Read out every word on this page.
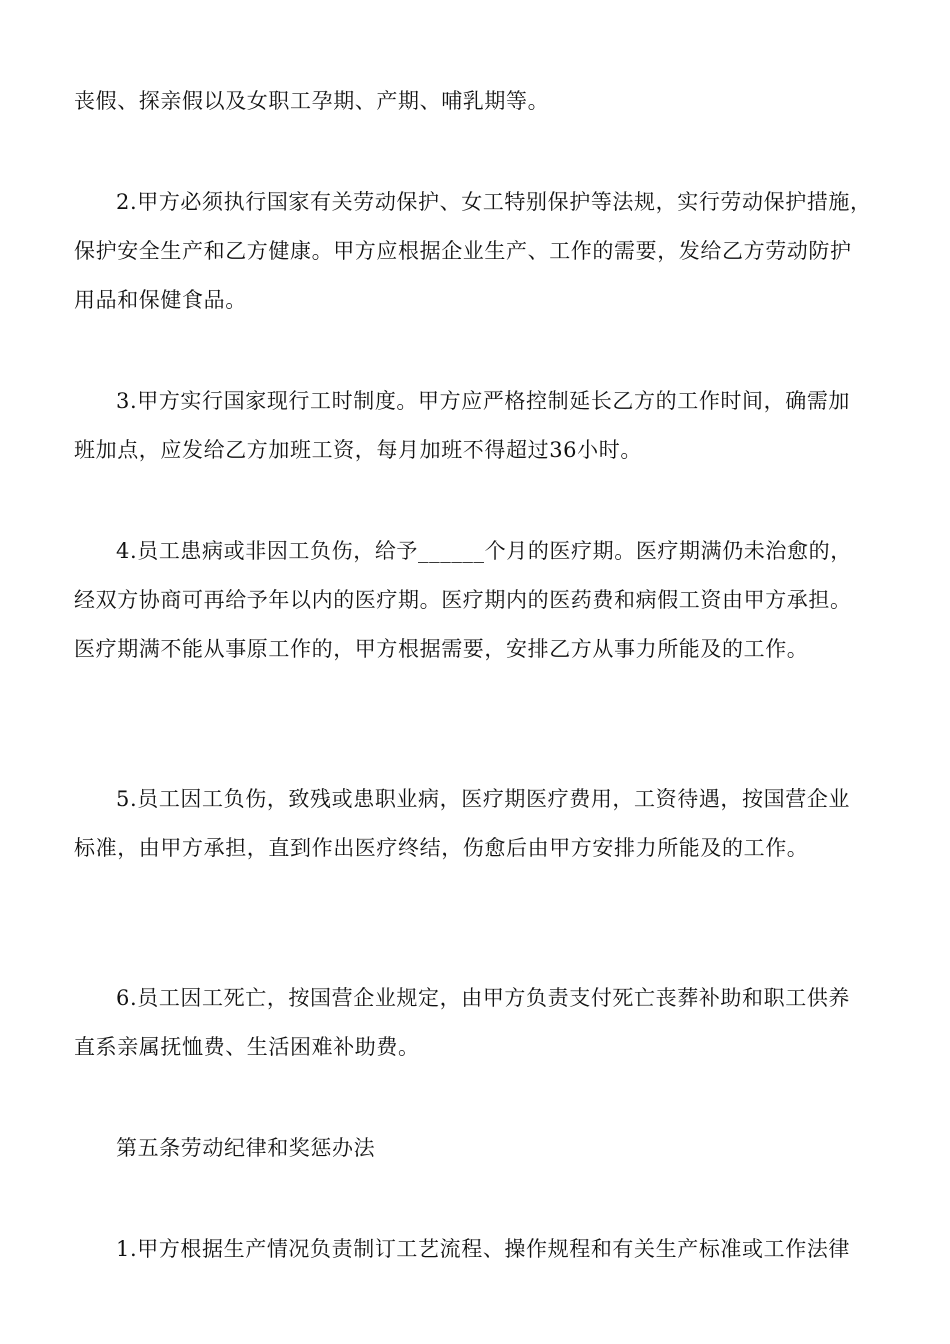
丧假、探亲假以及女职工孕期、产期、哺乳期等。
2.甲方必须执行国家有关劳动保护、女工特别保护等法规，实行劳动保护措施，
保护安全生产和乙方健康。甲方应根据企业生产、工作的需要，发给乙方劳动防护
用品和保健食品。
3.甲方实行国家现行工时制度。甲方应严格控制延长乙方的工作时间，确需加
班加点，应发给乙方加班工资，每月加班不得超过36小时。
4.员工患病或非因工负伤，给予______个月的医疗期。医疗期满仍未治愈的，
经双方协商可再给予年以内的医疗期。医疗期内的医药费和病假工资由甲方承担。
医疗期满不能从事原工作的，甲方根据需要，安排乙方从事力所能及的工作。
5.员工因工负伤，致残或患职业病，医疗期医疗费用，工资待遇，按国营企业
标准，由甲方承担，直到作出医疗终结，伤愈后由甲方安排力所能及的工作。
6.员工因工死亡，按国营企业规定，由甲方负责支付死亡丧葬补助和职工供养
直系亲属抚恤费、生活困难补助费。
第五条劳动纪律和奖惩办法
1.甲方根据生产情况负责制订工艺流程、操作规程和有关生产标准或工作法律
